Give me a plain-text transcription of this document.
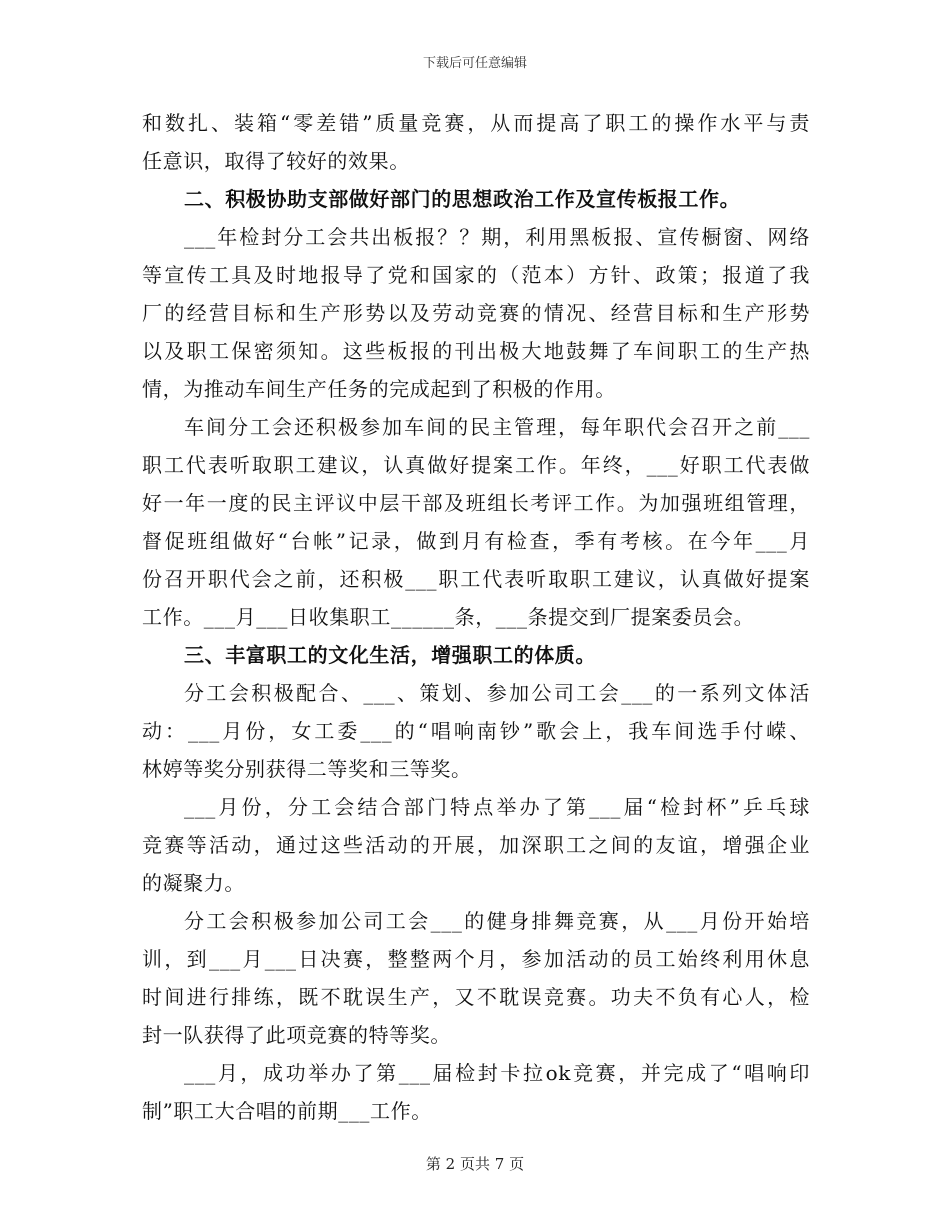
下载后可任意编辑
和数扎、装箱“零差错”质量竞赛，从而提高了职工的操作水平与责
任意识，取得了较好的效果。
二、积极协助支部做好部门的思想政治工作及宣传板报工作。
___年检封分工会共出板报？？期，利用黑板报、宣传橱窗、网络
等宣传工具及时地报导了党和国家的（范本）方针、政策；报道了我
厂的经营目标和生产形势以及劳动竞赛的情况、经营目标和生产形势
以及职工保密须知。这些板报的刊出极大地鼓舞了车间职工的生产热
情，为推动车间生产任务的完成起到了积极的作用。
车间分工会还积极参加车间的民主管理，每年职代会召开之前___
职工代表听取职工建议，认真做好提案工作。年终，___好职工代表做
好一年一度的民主评议中层干部及班组长考评工作。为加强班组管理，
督促班组做好“台帐”记录，做到月有检查，季有考核。在今年___月
份召开职代会之前，还积极___职工代表听取职工建议，认真做好提案
工作。___月___日收集职工______条，___条提交到厂提案委员会。
三、丰富职工的文化生活，增强职工的体质。
分工会积极配合、___、策划、参加公司工会___的一系列文体活
动：___月份，女工委___的“唱响南钞”歌会上，我车间选手付嵘、
林婷等奖分别获得二等奖和三等奖。
___月份，分工会结合部门特点举办了第___届“检封杯”乒乓球
竞赛等活动，通过这些活动的开展，加深职工之间的友谊，增强企业
的凝聚力。
分工会积极参加公司工会___的健身排舞竞赛，从___月份开始培
训，到___月___日决赛，整整两个月，参加活动的员工始终利用休息
时间进行排练，既不耽误生产，又不耽误竞赛。功夫不负有心人，检
封一队获得了此项竞赛的特等奖。
___月，成功举办了第___届检封卡拉ok竞赛，并完成了“唱响印
制”职工大合唱的前期___工作。
第 2 页共 7 页
